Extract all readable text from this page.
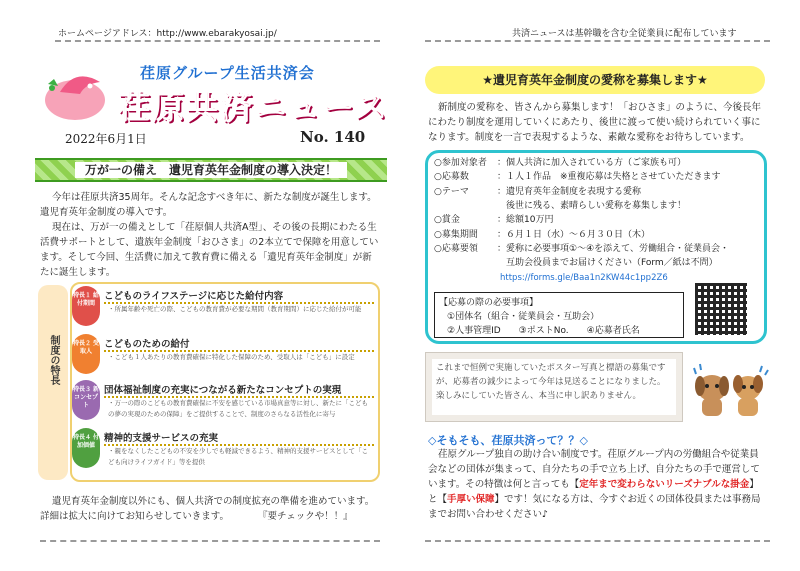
ホームページアドレス：http://www.ebarakyosai.jp/	共済ニュースは基幹職を含む全従業員に配布しています
荏原グループ生活共済会
荏原共済ニュース
2022年6月1日	No. 140
万が一の備え　遺児育英年金制度の導入決定！
今年は荏原共済35周年。そんな記念すべき年に、新たな制度が誕生します。遺児育英年金制度の導入です。
現在は、万が一の備えとして「荏原個人共済A型」、その後の長期にわたる生活費サポートとして、遺族年金制度「おひさま」の2本立てで保障を用意しています。そして今回、生活費に加えて教育費に備える「遺児育英年金制度」が新たに誕生します。
制度の特長
特長１ 給付期間
こどものライフステージに応じた給付内容
・所属年齢や死亡の際、こどもの教育費が必要な期間（教育期間）に応じた給付が可能
特長２ 受取人
こどものための給付
・こども１人あたりの教育費確保に特化した保障のため、受取人は「こども」に設定
特長３ 新コンセプト
団体福祉制度の充実につながる新たなコンセプトの実現
・万一の際のこどもの教育費確保に不安を感じている市場真意等に対し、新たに「こどもの夢の実現のための保障」をご提供することで、制度のさらなる活性化に寄与
特長４ 付加価値
精神的支援サービスの充実
・親をなくしたこどもの不安を少しでも軽減できるよう、精神的支援サービスとして「こども向けライフガイド」等を提供
遺児育英年金制度以外にも、個人共済での制度拡充の準備を進めています。
詳細は拡大に向けてお知らせしていきます。	『要チェックや！！』
★遺児育英年金制度の愛称を募集します★
新制度の愛称を、皆さんから募集します！「おひさま」のように、今後長年にわたり制度を運用していくにあたり、後世に渡って使い続けられていく事になります。制度を一言で表現するような、素敵な愛称をお待ちしています。
○参加対象者 ：個人共済に加入されている方（ご家族も可）
○応募数	：１人１作品　※重複応募は失格とさせていただきます
○テーマ	：遺児育英年金制度を表現する愛称
　後世に残る、素晴らしい愛称を募集します！
○賞金	：総額10万円
○募集期間 ：６月１日（水）～６月３０日（木）
○応募要領 ：愛称に必要事項①～④を添えて、労働組合・従業員会・
　互助会役員までお届けください（Form／紙は不問）
https://forms.gle/Baa1n2KW44c1pp2Z6
【応募の際の必要事項】
①団体名（組合・従業員会・互助会）
②人事管理ID　　③ポストNo.　　④応募者氏名
これまで恒例で実施していたポスター写真と標語の募集ですが、応募者の減少によって今年は見送ることになりました。楽しみにしていた皆さん、本当に申し訳ありません。
◇そもそも、荏原共済って？？◇
荏原グループ独自の助け合い制度です。荏原グループ内の労働組合や従業員会などの団体が集まって、自分たちの手で立ち上げ、自分たちの手で運営しています。その特徴は何と言っても【定年まで変わらないリーズナブルな掛金】と【手厚い保障】です！気になる方は、今すぐお近くの団体役員または事務局までお問い合わせください♪
